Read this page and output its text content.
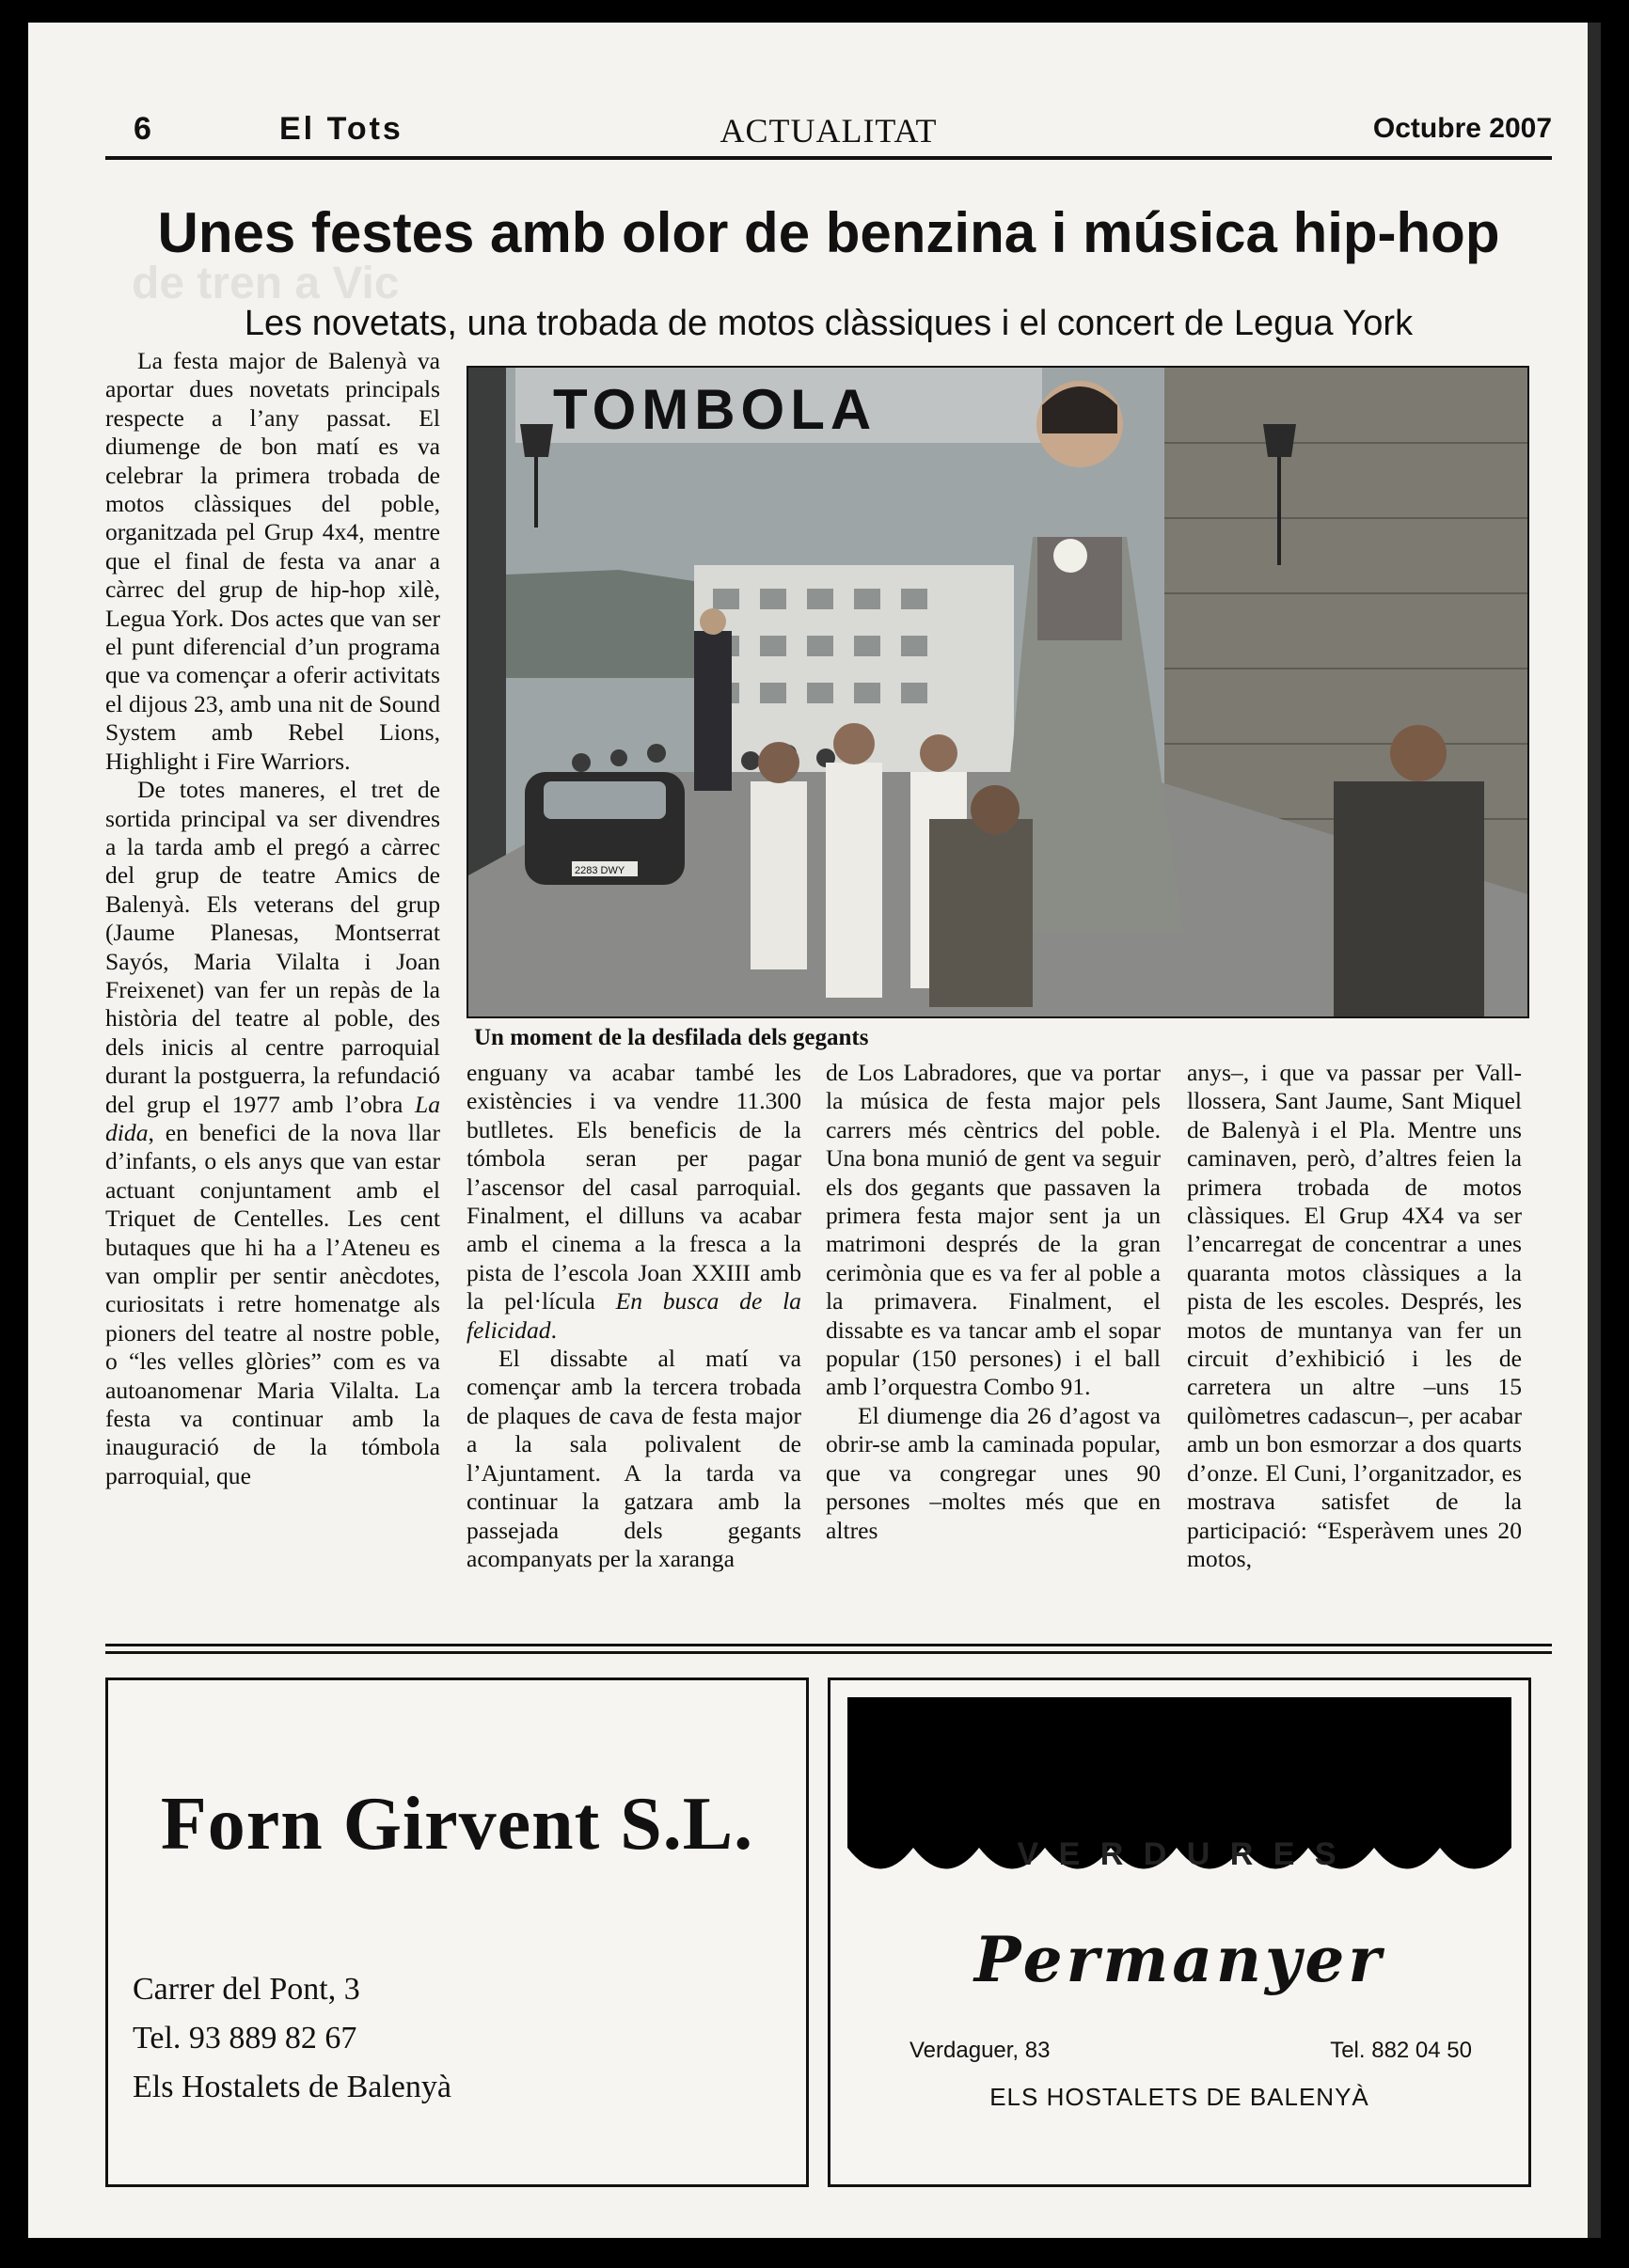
de tren a Vic
6	El Tots	ACTUALITAT	Octubre 2007
Unes festes amb olor de benzina i música hip-hop
Les novetats, una trobada de motos clàssiques i el concert de Legua York

La festa major de Balenyà va aportar dues novetats principals respecte a l’any passat. El diumenge de bon matí es va celebrar la primera trobada de motos clàssiques del poble, organitzada pel Grup 4x4, mentre que el final de festa va anar a càrrec del grup de hip-hop xilè, Legua York. Dos actes que van ser el punt diferencial d’un programa que va començar a oferir activitats el dijous 23, amb una nit de Sound System amb Rebel Lions, Highlight i Fire Warriors.

De totes maneres, el tret de sortida principal va ser divendres a la tarda amb el pregó a càrrec del grup de teatre Amics de Balenyà. Els veterans del grup (Jaume Planesas, Montserrat Sayós, Maria Vilalta i Joan Freixenet) van fer un repàs de la història del teatre al poble, des dels inicis al centre parroquial durant la postguerra, la refundació del grup el 1977 amb l’obra La dida, en benefici de la nova llar d’infants, o els anys que van estar actuant conjuntament amb el Triquet de Centelles. Les cent butaques que hi ha a l’Ateneu es van omplir per sentir anècdotes, curiositats i retre homenatge als pioners del teatre al nostre poble, o “les velles glòries” com es va autoanomenar Maria Vilalta. La festa va continuar amb la inauguració de la tómbola parroquial, que

TOMBOLA
2283 DWY
Un moment de la desfilada dels gegants

enguany va acabar també les existències i va vendre 11.300 butlletes. Els beneficis de la tómbola seran per pagar l’ascensor del casal parroquial. Finalment, el dilluns va acabar amb el cinema a la fresca a la pista de l’escola Joan XXIII amb la pel·lícula En busca de la felicidad.

El dissabte al matí va començar amb la tercera trobada de plaques de cava de festa major a la sala polivalent de l’Ajuntament. A la tarda va continuar la gatzara amb la passejada dels gegants acompanyats per la xaranga

de Los Labradores, que va portar la música de festa major pels carrers més cèntrics del poble. Una bona munió de gent va seguir els dos gegants que passaven la primera festa major sent ja un matrimoni després de la gran cerimònia que es va fer al poble a la primavera. Finalment, el dissabte es va tancar amb el sopar popular (150 persones) i el ball amb l’orquestra Combo 91.

El diumenge dia 26 d’agost va obrir-se amb la caminada popular, que va congregar unes 90 persones –moltes més que en altres

anys–, i que va passar per Vall-llossera, Sant Jaume, Sant Miquel de Balenyà i el Pla. Mentre uns caminaven, però, d’altres feien la primera trobada de motos clàssiques. El Grup 4X4 va ser l’encarregat de concentrar a unes quaranta motos clàssiques a la pista de les escoles. Després, les motos de muntanya van fer un circuit d’exhibició i les de carretera un altre –uns 15 quilòmetres cadascun–, per acabar amb un bon esmorzar a dos quarts d’onze. El Cuni, l’organitzador, es mostrava satisfet de la participació: “Esperàvem unes 20 motos,

Forn Girvent S.L.
Carrer del Pont, 3
Tel. 93 889 82 67
Els Hostalets de Balenyà
V E R D U R E S
Permanyer
Verdaguer, 83	Tel. 882 04 50
ELS HOSTALETS DE BALENYÀ
